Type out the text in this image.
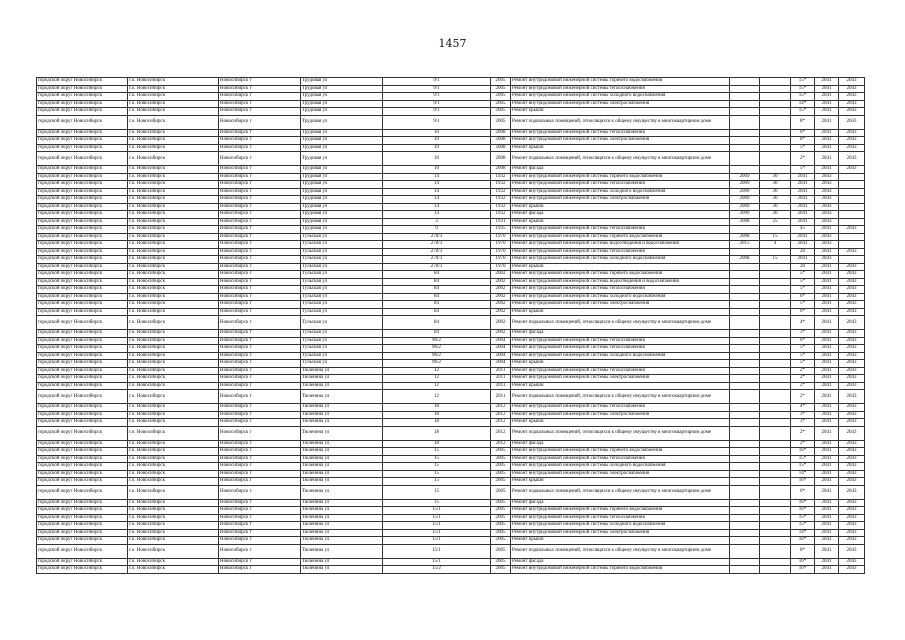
1457
городской округ Новосибирск	г.о. Новосибирск	Новосибирск г	Трудовая ул	9/1	2005	Ремонт внутридомовой инженерной системы горячего водоснабжения			15*	2041	2043
городской округ Новосибирск	г.о. Новосибирск	Новосибирск г	Трудовая ул	9/1	2005	Ремонт внутридомовой инженерной системы теплоснабжения			15*	2041	2043
городской округ Новосибирск	г.о. Новосибирск	Новосибирск г	Трудовая ул	9/1	2005	Ремонт внутридомовой инженерной системы холодного водоснабжения			15*	2041	2043
городской округ Новосибирск	г.о. Новосибирск	Новосибирск г	Трудовая ул	9/1	2005	Ремонт внутридомовой инженерной системы электроснабжения			14*	2041	2043
городской округ Новосибирск	г.о. Новосибирск	Новосибирск г	Трудовая ул	9/1	2005	Ремонт крыши			15*	2041	2043
городской округ Новосибирск	г.о. Новосибирск	Новосибирск г	Трудовая ул	9/1	2005	Ремонт подвальных помещений, относящихся к общему имуществу в многоквартирном доме			8*	2041	2043
городской округ Новосибирск	г.о. Новосибирск	Новосибирск г	Трудовая ул	10	2008	Ремонт внутридомовой инженерной системы теплоснабжения			6*	2041	2043
городской округ Новосибирск	г.о. Новосибирск	Новосибирск г	Трудовая ул	10	2008	Ремонт внутридомовой инженерной системы электроснабжения			8*	2041	2043
городской округ Новосибирск	г.о. Новосибирск	Новосибирск г	Трудовая ул	10	2008	Ремонт крыши			5*	2041	2043
городской округ Новосибирск	г.о. Новосибирск	Новосибирск г	Трудовая ул	10	2008	Ремонт подвальных помещений, относящихся к общему имуществу в многоквартирном доме			2*	2041	2043
городской округ Новосибирск	г.о. Новосибирск	Новосибирск г	Трудовая ул	10	2008	Ремонт фасада			5*	2041	2043
городской округ Новосибирск	г.о. Новосибирск	Новосибирск г	Трудовая ул	14	1932	Ремонт внутридомовой инженерной системы горячего водоснабжения	2009	30	2041	2043	
городской округ Новосибирск	г.о. Новосибирск	Новосибирск г	Трудовая ул	14	1932	Ремонт внутридомовой инженерной системы теплоснабжения	2009	30	2041	2043	
городской округ Новосибирск	г.о. Новосибирск	Новосибирск г	Трудовая ул	14	1932	Ремонт внутридомовой инженерной системы холодного водоснабжения	2009	30	2041	2043	
городской округ Новосибирск	г.о. Новосибирск	Новосибирск г	Трудовая ул	14	1932	Ремонт внутридомовой инженерной системы электроснабжения	2009	30	2041	2043	
городской округ Новосибирск	г.о. Новосибирск	Новосибирск г	Трудовая ул	14	1932	Ремонт крыши	2009	30	2041	2043	
городской округ Новосибирск	г.о. Новосибирск	Новосибирск г	Трудовая ул	14	1932	Ремонт фасада	2009	30	2041	2043	
городской округ Новосибирск	г.о. Новосибирск	Новосибирск г	Трудовая ул	3	1931	Ремонт крыши	2008	25	2041	2043	
городской округ Новосибирск	г.о. Новосибирск	Новосибирск г	Трудовая ул	9	1935	Ремонт внутридомовой инженерной системы теплоснабжения			45	2041	2043
городской округ Новосибирск	г.о. Новосибирск	Новосибирск г	Тульская ул	270/3	1970	Ремонт внутридомовой инженерной системы горячего водоснабжения	2008	15	2041	2043	
городской округ Новосибирск	г.о. Новосибирск	Новосибирск г	Тульская ул	270/3	1970	Ремонт внутридомовой инженерной системы водоотведения и водоснабжения	2015	4	2041	2043	
городской округ Новосибирск	г.о. Новосибирск	Новосибирск г	Тульская ул	270/3	1970	Ремонт внутридомовой инженерной системы теплоснабжения			20	2041	2043
городской округ Новосибирск	г.о. Новосибирск	Новосибирск г	Тульская ул	270/3	1970	Ремонт внутридомовой инженерной системы холодного водоснабжения	2008	15	2041	2043	
городской округ Новосибирск	г.о. Новосибирск	Новосибирск г	Тульская ул	270/3	1970	Ремонт крыши			20	2041	2043
городской округ Новосибирск	г.о. Новосибирск	Новосибирск г	Тульская ул	84	2002	Ремонт внутридомовой инженерной системы горячего водоснабжения			5*	2041	2043
городской округ Новосибирск	г.о. Новосибирск	Новосибирск г	Тульская ул	84	2002	Ремонт внутридомовой инженерной системы водоотведения и водоснабжения			5*	2041	2043
городской округ Новосибирск	г.о. Новосибирск	Новосибирск г	Тульская ул	84	2002	Ремонт внутридомовой инженерной системы теплоснабжения			5*	2041	2043
городской округ Новосибирск	г.о. Новосибирск	Новосибирск г	Тульская ул	84	2002	Ремонт внутридомовой инженерной системы холодного водоснабжения			6*	2041	2043
городской округ Новосибирск	г.о. Новосибирск	Новосибирск г	Тульская ул	84	2002	Ремонт внутридомовой инженерной системы электроснабжения			5*	2041	2043
городской округ Новосибирск	г.о. Новосибирск	Новосибирск г	Тульская ул	84	2002	Ремонт крыши			6*	2041	2043
городской округ Новосибирск	г.о. Новосибирск	Новосибирск г	Тульская ул	84	2002	Ремонт подвальных помещений, относящихся к общему имуществу в многоквартирном доме			4*	2041	2043
городской округ Новосибирск	г.о. Новосибирск	Новосибирск г	Тульская ул	84	2002	Ремонт фасада			3*	2041	2043
городской округ Новосибирск	г.о. Новосибирск	Новосибирск г	Тульская ул	96/2	2004	Ремонт внутридомовой инженерной системы теплоснабжения			6*	2041	2043
городской округ Новосибирск	г.о. Новосибирск	Новосибирск г	Тульская ул	96/2	2004	Ремонт внутридомовой инженерной системы теплоснабжения			5*	2041	2043
городской округ Новосибирск	г.о. Новосибирск	Новосибирск г	Тульская ул	96/2	2004	Ремонт внутридомовой инженерной системы холодного водоснабжения			5*	2041	2043
городской округ Новосибирск	г.о. Новосибирск	Новосибирск г	Тульская ул	96/2	2004	Ремонт крыши			5*	2041	2043
городской округ Новосибирск	г.о. Новосибирск	Новосибирск г	Тюленина ул	12	2011	Ремонт внутридомовой инженерной системы теплоснабжения			2*	2041	2043
городской округ Новосибирск	г.о. Новосибирск	Новосибирск г	Тюленина ул	12	2011	Ремонт внутридомовой инженерной системы электроснабжения			2*	2041	2043
городской округ Новосибирск	г.о. Новосибирск	Новосибирск г	Тюленина ул	12	2011	Ремонт крыши			2*	2041	2043
городской округ Новосибирск	г.о. Новосибирск	Новосибирск г	Тюленина ул	12	2011	Ремонт подвальных помещений, относящихся к общему имуществу в многоквартирном доме			2*	2041	2043
городской округ Новосибирск	г.о. Новосибирск	Новосибирск г	Тюленина ул	18	2012	Ремонт внутридомовой инженерной системы теплоснабжения			4*	2041	2043
городской округ Новосибирск	г.о. Новосибирск	Новосибирск г	Тюленина ул	18	2012	Ремонт внутридомовой инженерной системы электроснабжения			3*	2041	2043
городской округ Новосибирск	г.о. Новосибирск	Новосибирск г	Тюленина ул	18	2012	Ремонт крыши			3*	2041	2043
городской округ Новосибирск	г.о. Новосибирск	Новосибирск г	Тюленина ул	18	2012	Ремонт подвальных помещений, относящихся к общему имуществу в многоквартирном доме			2*	2041	2043
городской округ Новосибирск	г.о. Новосибирск	Новосибирск г	Тюленина ул	18	2012	Ремонт фасада			2*	2041	2043
городской округ Новосибирск	г.о. Новосибирск	Новосибирск г	Тюленина ул	15	2005	Ремонт внутридомовой инженерной системы горячего водоснабжения			16*	2041	2043
городской округ Новосибирск	г.о. Новосибирск	Новосибирск г	Тюленина ул	15	2005	Ремонт внутридомовой инженерной системы теплоснабжения			15*	2041	2043
городской округ Новосибирск	г.о. Новосибирск	Новосибирск г	Тюленина ул	15	2005	Ремонт внутридомовой инженерной системы холодного водоснабжения			15*	2041	2043
городской округ Новосибирск	г.о. Новосибирск	Новосибирск г	Тюленина ул	15	2005	Ремонт внутридомовой инженерной системы электроснабжения			14*	2041	2043
городской округ Новосибирск	г.о. Новосибирск	Новосибирск г	Тюленина ул	15	2005	Ремонт крыши			16*	2041	2043
городской округ Новосибирск	г.о. Новосибирск	Новосибирск г	Тюленина ул	15	2005	Ремонт подвальных помещений, относящихся к общему имуществу в многоквартирном доме			6*	2041	2043
городской округ Новосибирск	г.о. Новосибирск	Новосибирск г	Тюленина ул	15	2005	Ремонт фасада			16*	2041	2043
городской округ Новосибирск	г.о. Новосибирск	Новосибирск г	Тюленина ул	15/1	2005	Ремонт внутридомовой инженерной системы горячего водоснабжения			16*	2041	2043
городской округ Новосибирск	г.о. Новосибирск	Новосибирск г	Тюленина ул	15/1	2005	Ремонт внутридомовой инженерной системы теплоснабжения			15*	2041	2043
городской округ Новосибирск	г.о. Новосибирск	Новосибирск г	Тюленина ул	15/1	2005	Ремонт внутридомовой инженерной системы холодного водоснабжения			15*	2041	2043
городской округ Новосибирск	г.о. Новосибирск	Новосибирск г	Тюленина ул	15/1	2005	Ремонт внутридомовой инженерной системы электроснабжения			14*	2041	2043
городской округ Новосибирск	г.о. Новосибирск	Новосибирск г	Тюленина ул	15/1	2005	Ремонт крыши			16*	2041	2043
городской округ Новосибирск	г.о. Новосибирск	Новосибирск г	Тюленина ул	15/1	2005	Ремонт подвальных помещений, относящихся к общему имуществу в многоквартирном доме			8*	2041	2043
городской округ Новосибирск	г.о. Новосибирск	Новосибирск г	Тюленина ул	15/1	2005	Ремонт фасада			16*	2041	2043
городской округ Новосибирск	г.о. Новосибирск	Новосибирск г	Тюленина ул	15/2	2005	Ремонт внутридомовой инженерной системы горячего водоснабжения			16*	2041	2043
